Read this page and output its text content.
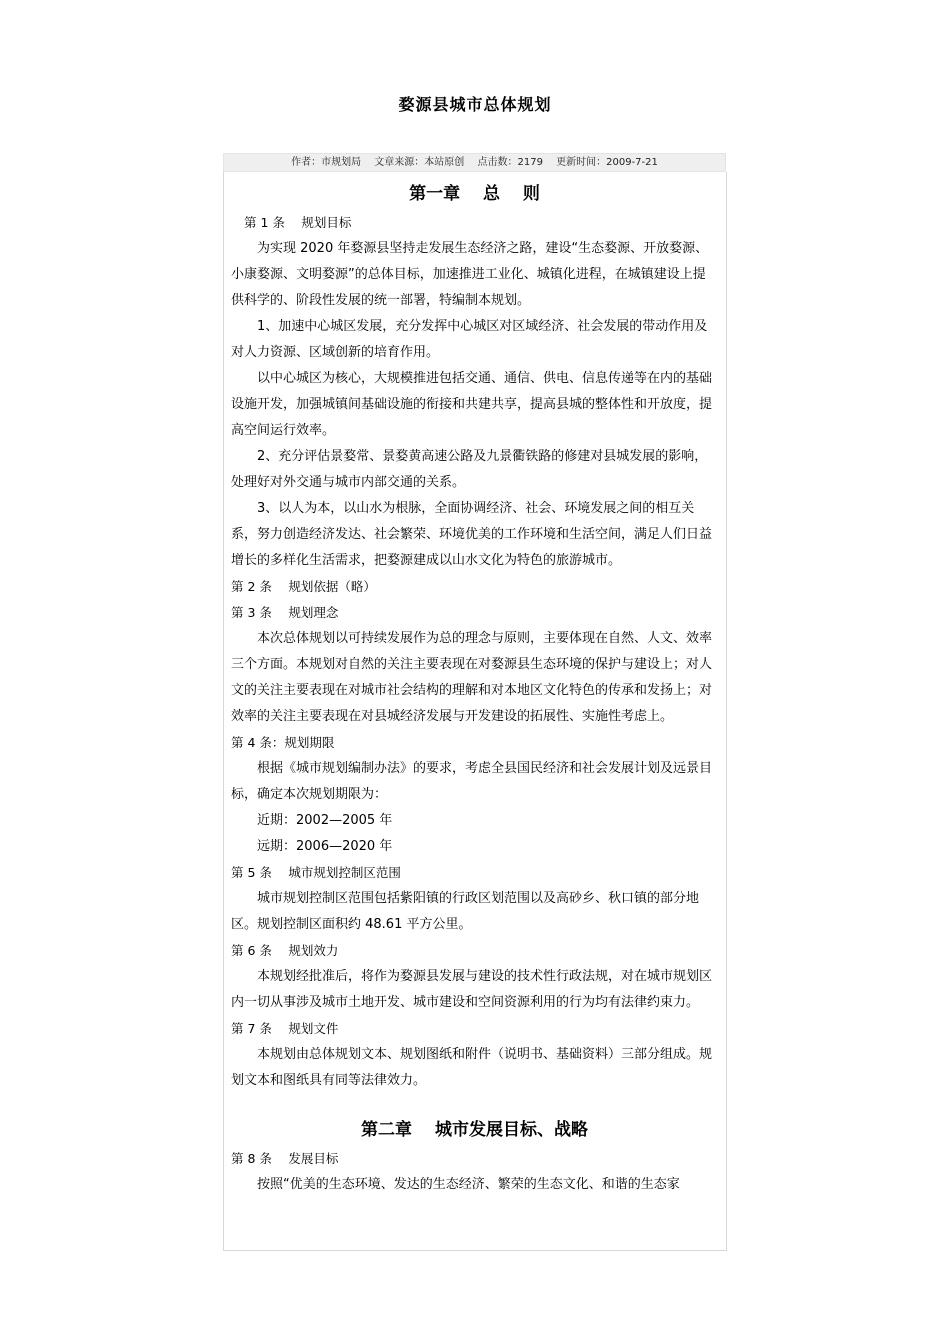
婺源县城市总体规划
作者：市规划局 文章来源：本站原创 点击数：2179 更新时间：2009-7-21
第一章　 总　 则

第 1 条　 规划目标

为实现 2020 年婺源县坚持走发展生态经济之路，建设“生态婺源、开放婺源、小康婺源、文明婺源”的总体目标，加速推进工业化、城镇化进程，在城镇建设上提供科学的、阶段性发展的统一部署，特编制本规划。

1、加速中心城区发展，充分发挥中心城区对区域经济、社会发展的带动作用及对人力资源、区域创新的培育作用。

以中心城区为核心，大规模推进包括交通、通信、供电、信息传递等在内的基础设施开发，加强城镇间基础设施的衔接和共建共享，提高县城的整体性和开放度，提高空间运行效率。

2、充分评估景婺常、景婺黄高速公路及九景衢铁路的修建对县城发展的影响，处理好对外交通与城市内部交通的关系。

3、以人为本，以山水为根脉，全面协调经济、社会、环境发展之间的相互关系，努力创造经济发达、社会繁荣、环境优美的工作环境和生活空间，满足人们日益增长的多样化生活需求，把婺源建成以山水文化为特色的旅游城市。

第 2 条　 规划依据（略）

第 3 条　 规划理念

本次总体规划以可持续发展作为总的理念与原则，主要体现在自然、人文、效率三个方面。本规划对自然的关注主要表现在对婺源县生态环境的保护与建设上；对人文的关注主要表现在对城市社会结构的理解和对本地区文化特色的传承和发扬上；对效率的关注主要表现在对县城经济发展与开发建设的拓展性、实施性考虑上。

第 4 条：规划期限

根据《城市规划编制办法》的要求，考虑全县国民经济和社会发展计划及远景目标，确定本次规划期限为：

近期：2002—2005 年

远期：2006—2020 年

第 5 条　 城市规划控制区范围

城市规划控制区范围包括紫阳镇的行政区划范围以及高砂乡、秋口镇的部分地区。规划控制区面积约 48.61 平方公里。

第 6 条　 规划效力

本规划经批准后，将作为婺源县发展与建设的技术性行政法规，对在城市规划区内一切从事涉及城市土地开发、城市建设和空间资源利用的行为均有法律约束力。

第 7 条　 规划文件

本规划由总体规划文本、规划图纸和附件（说明书、基础资料）三部分组成。规划文本和图纸具有同等法律效力。

第二章　 城市发展目标、战略

第 8 条　 发展目标

按照“优美的生态环境、发达的生态经济、繁荣的生态文化、和谐的生态家
